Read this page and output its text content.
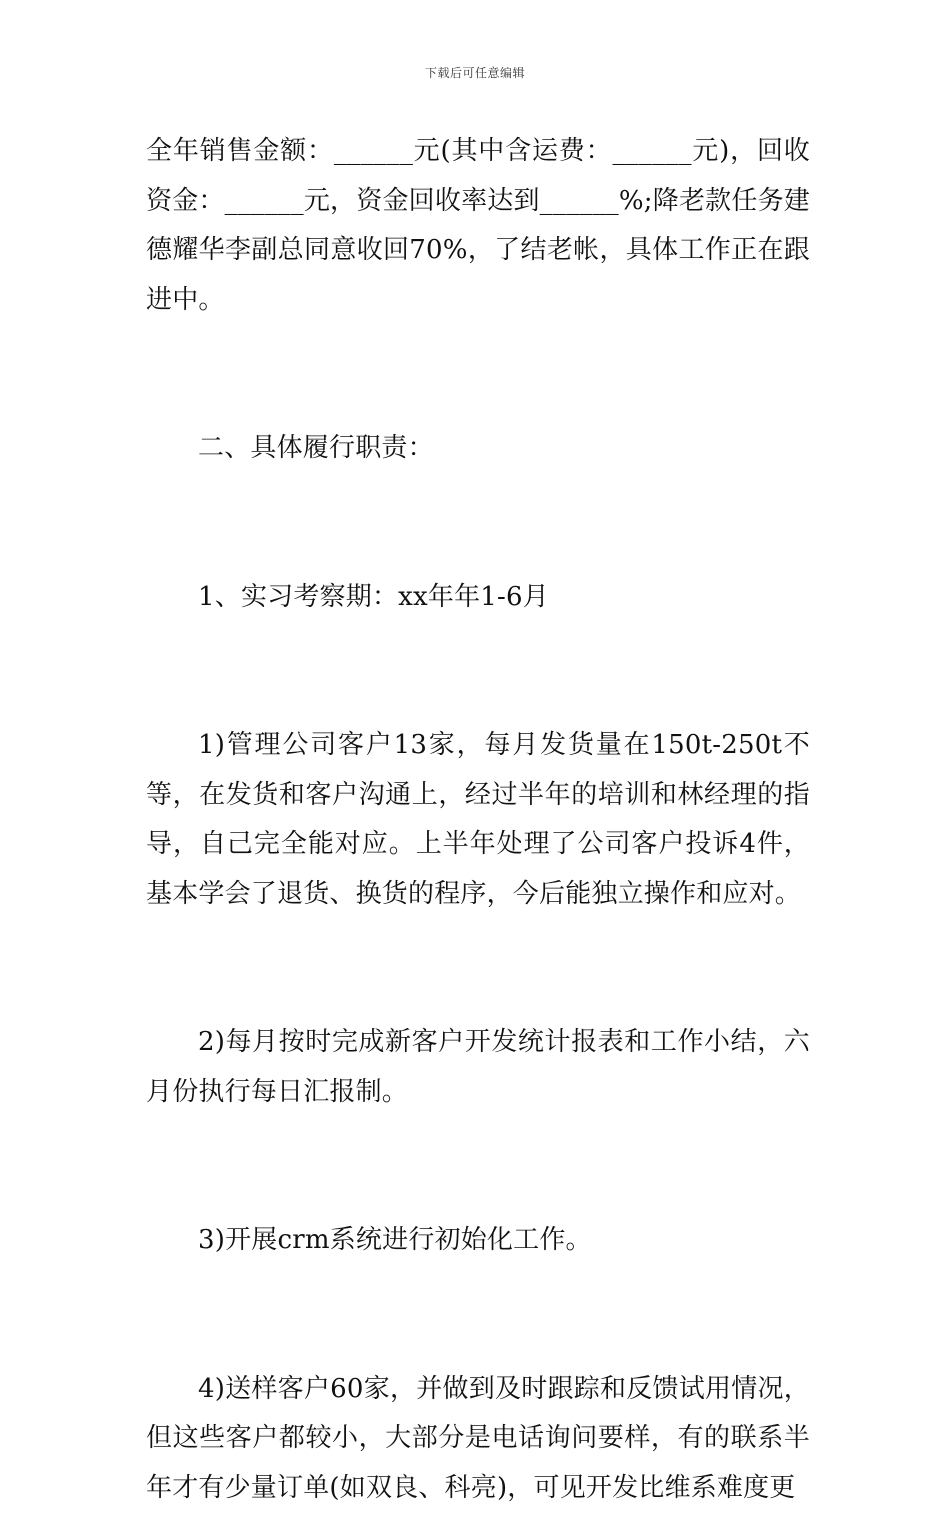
下载后可任意编辑

全年销售金额：______元(其中含运费：______元)，回收资金：______元，资金回收率达到______%;降老款任务建德耀华李副总同意收回70%，了结老帐，具体工作正在跟进中。

二、具体履行职责：

1、实习考察期：xx年年1-6月

1)管理公司客户13家，每月发货量在150t-250t不等，在发货和客户沟通上，经过半年的培训和林经理的指导，自己完全能对应。上半年处理了公司客户投诉4件，基本学会了退货、换货的程序，今后能独立操作和应对。

2)每月按时完成新客户开发统计报表和工作小结，六月份执行每日汇报制。

3)开展crm系统进行初始化工作。

4)送样客户60家，并做到及时跟踪和反馈试用情况，但这些客户都较小，大部分是电话询问要样，有的联系半年才有少量订单(如双良、科亮)，可见开发比维系难度更
